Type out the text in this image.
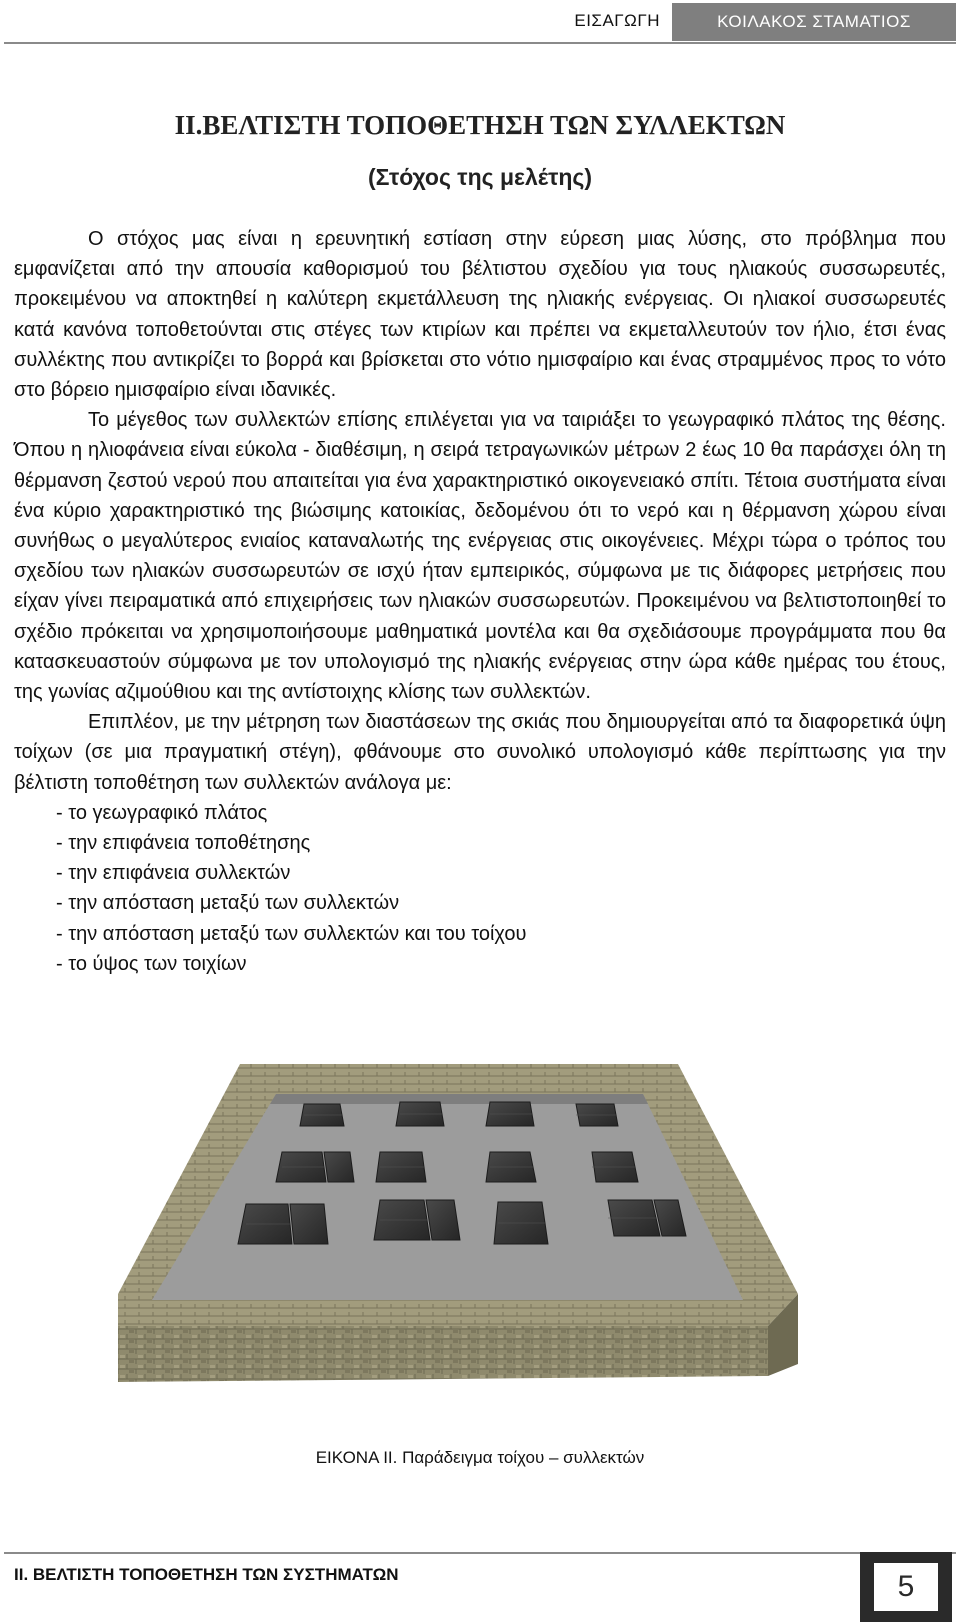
ΕΙΣΑΓΩΓΗ	ΚΟΙΛΑΚΟΣ ΣΤΑΜΑΤΙΟΣ
II.ΒΕΛΤΙΣΤΗ ΤΟΠΟΘΕΤΗΣΗ ΤΩΝ ΣΥΛΛΕΚΤΩΝ
(Στόχος της μελέτης)

Ο στόχος μας είναι η ερευνητική εστίαση στην εύρεση μιας λύσης, στο πρόβλημα που εμφανίζεται από την απουσία καθορισμού του βέλτιστου σχεδίου για τους ηλιακούς συσσωρευτές, προκειμένου να αποκτηθεί η καλύτερη εκμετάλλευση της ηλιακής ενέργειας. Οι ηλιακοί συσσωρευτές κατά κανόνα τοποθετούνται στις στέγες των κτιρίων και πρέπει να εκμεταλλευτούν τον ήλιο, έτσι ένας συλλέκτης που αντικρίζει το βορρά και βρίσκεται στο νότιο ημισφαίριο και ένας στραμμένος προς το νότο στο βόρειο ημισφαίριο είναι ιδανικές.

Το μέγεθος των συλλεκτών επίσης επιλέγεται για να ταιριάξει το γεωγραφικό πλάτος της θέσης. Όπου η ηλιοφάνεια είναι εύκολα - διαθέσιμη, η σειρά τετραγωνικών μέτρων 2 έως 10 θα παράσχει όλη τη θέρμανση ζεστού νερού που απαιτείται για ένα χαρακτηριστικό οικογενειακό σπίτι. Τέτοια συστήματα είναι ένα κύριο χαρακτηριστικό της βιώσιμης κατοικίας, δεδομένου ότι το νερό και η θέρμανση χώρου είναι συνήθως ο μεγαλύτερος ενιαίος καταναλωτής της ενέργειας στις οικογένειες. Μέχρι τώρα ο τρόπος του σχεδίου των ηλιακών συσσωρευτών σε ισχύ ήταν εμπειρικός, σύμφωνα με τις διάφορες μετρήσεις που είχαν γίνει πειραματικά από επιχειρήσεις των ηλιακών συσσωρευτών. Προκειμένου να βελτιστοποιηθεί το σχέδιο πρόκειται να χρησιμοποιήσουμε μαθηματικά μοντέλα και θα σχεδιάσουμε προγράμματα που θα κατασκευαστούν σύμφωνα με τον υπολογισμό της ηλιακής ενέργειας στην ώρα κάθε ημέρας του έτους, της γωνίας αζιμούθιου και της αντίστοιχης κλίσης των συλλεκτών.

Επιπλέον, με την μέτρηση των διαστάσεων της σκιάς που δημιουργείται από τα διαφορετικά ύψη τοίχων (σε μια πραγματική στέγη), φθάνουμε στο συνολικό υπολογισμό κάθε περίπτωσης για την βέλτιστη τοποθέτηση των συλλεκτών ανάλογα με:

- το γεωγραφικό πλάτος
- την επιφάνεια τοποθέτησης
- την επιφάνεια συλλεκτών
- την απόσταση μεταξύ των συλλεκτών
- την απόσταση μεταξύ των συλλεκτών και του τοίχου
- το ύψος των τοιχίων
ΕΙΚΟΝΑ II. Παράδειγμα τοίχου – συλλεκτών
II. ΒΕΛΤΙΣΤΗ ΤΟΠΟΘΕΤΗΣΗ ΤΩΝ ΣΥΣΤΗΜΑΤΩΝ	5
